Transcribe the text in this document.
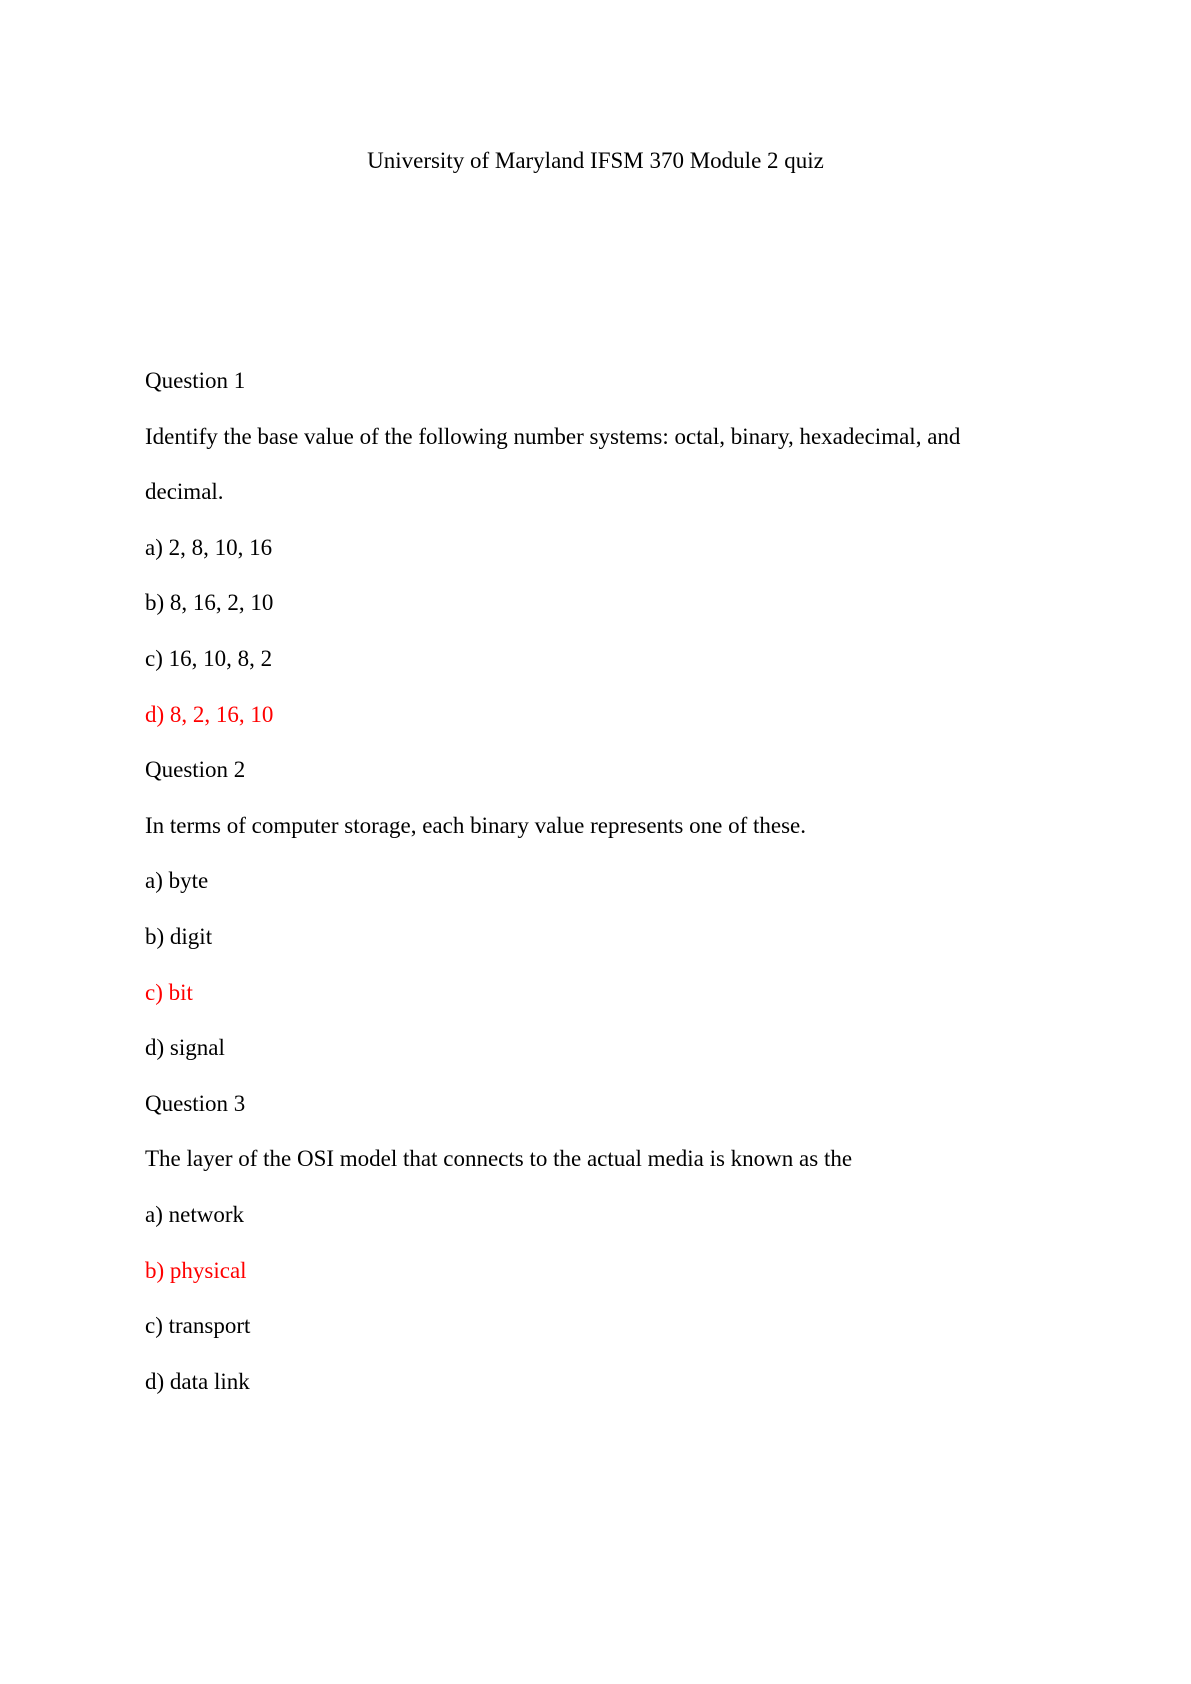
University of Maryland IFSM 370 Module 2 quiz
Question 1
Identify the base value of the following number systems: octal, binary, hexadecimal, and
decimal.
a) 2, 8, 10, 16
b) 8, 16, 2, 10
c) 16, 10, 8, 2
d) 8, 2, 16, 10
Question 2
In terms of computer storage, each binary value represents one of these.
a) byte
b) digit
c) bit
d) signal
Question 3
The layer of the OSI model that connects to the actual media is known as the
a) network
b) physical
c) transport
d) data link
